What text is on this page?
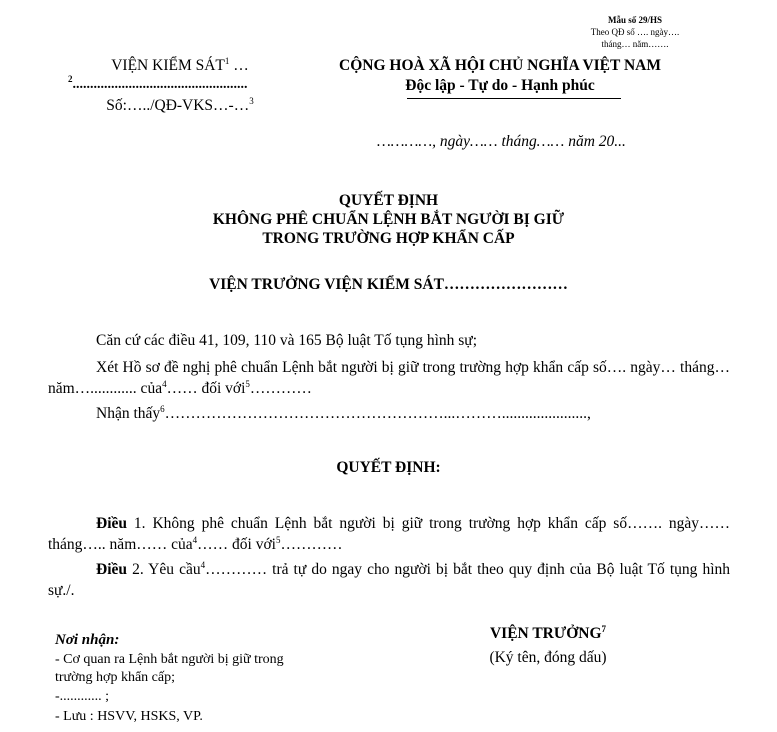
Mẫu số 29/HS
Theo QĐ số …. ngày….
tháng… năm…….
VIỆN KIỂM SÁT$^1$ …
$^2$..................................................
Số:…../QĐ-VKS…-…$^3$
CỘNG HOÀ XÃ HỘI CHỦ NGHĨA VIỆT NAM
Độc lập - Tự do - Hạnh phúc
…………, ngày…… tháng…… năm 20...
QUYẾT ĐỊNH
KHÔNG PHÊ CHUẨN LỆNH BẮT NGƯỜI BỊ GIỮ
TRONG TRƯỜNG HỢP KHẨN CẤP
VIỆN TRƯỞNG VIỆN KIỂM SÁT……………………
Căn cứ các điều 41, 109, 110 và 165 Bộ luật Tố tụng hình sự;
Xét Hồ sơ đề nghị phê chuẩn Lệnh bắt người bị giữ trong trường hợp khẩn cấp số…. ngày… tháng… năm…............ của$^4$…… đối với$^5$…………
Nhận thấy$^6$………………………………………………...………......................,
QUYẾT ĐỊNH:
Điều 1. Không phê chuẩn Lệnh bắt người bị giữ trong trường hợp khẩn cấp số……. ngày…… tháng….. năm…… của$^4$…… đối với$^5$…………
Điều 2. Yêu cầu$^4$………… trả tự do ngay cho người bị bắt theo quy định của Bộ luật Tố tụng hình sự./.
Nơi nhận:
- Cơ quan ra Lệnh bắt người bị giữ trong
trường hợp khẩn cấp;
-............ ;
- Lưu : HSVV, HSKS, VP.
VIỆN TRƯỞNG$^7$
(Ký tên, đóng dấu)
